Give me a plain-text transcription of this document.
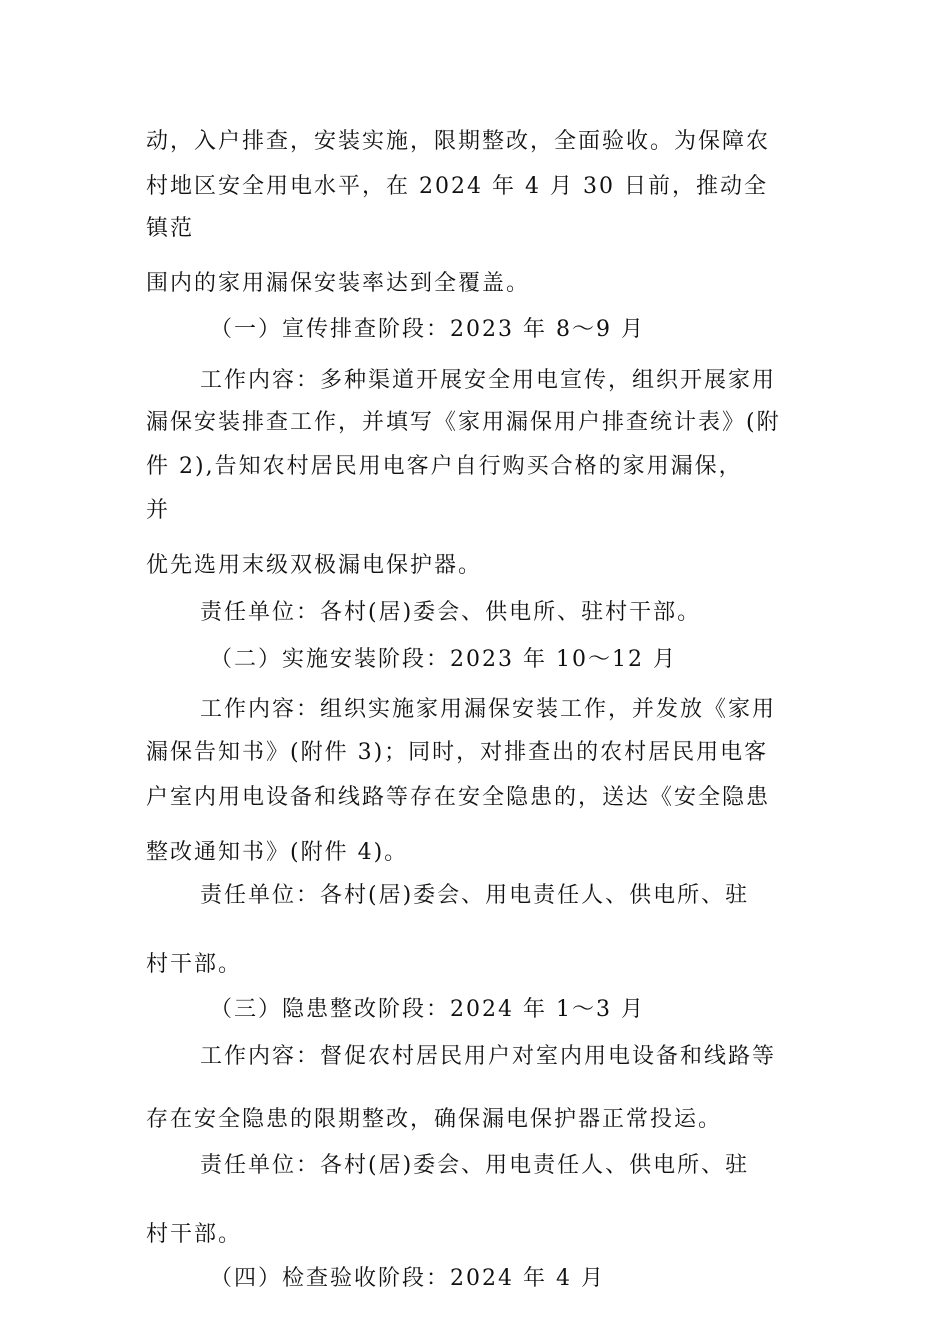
动，入户排查，安装实施，限期整改，全面验收。为保障农
村地区安全用电水平，在 2024 年 4 月 30 日前，推动全
镇范
围内的家用漏保安装率达到全覆盖。
（一）宣传排查阶段：2023 年 8～9 月
工作内容：多种渠道开展安全用电宣传，组织开展家用
漏保安装排查工作，并填写《家用漏保用户排查统计表》(附
件 2),告知农村居民用电客户自行购买合格的家用漏保，
并
优先选用末级双极漏电保护器。
责任单位：各村(居)委会、供电所、驻村干部。
（二）实施安装阶段：2023 年 10～12 月
工作内容：组织实施家用漏保安装工作，并发放《家用
漏保告知书》(附件 3)；同时，对排查出的农村居民用电客
户室内用电设备和线路等存在安全隐患的，送达《安全隐患
整改通知书》(附件 4)。
责任单位：各村(居)委会、用电责任人、供电所、驻
村干部。
（三）隐患整改阶段：2024 年 1～3 月
工作内容：督促农村居民用户对室内用电设备和线路等
存在安全隐患的限期整改，确保漏电保护器正常投运。
责任单位：各村(居)委会、用电责任人、供电所、驻
村干部。
（四）检查验收阶段：2024 年 4 月
